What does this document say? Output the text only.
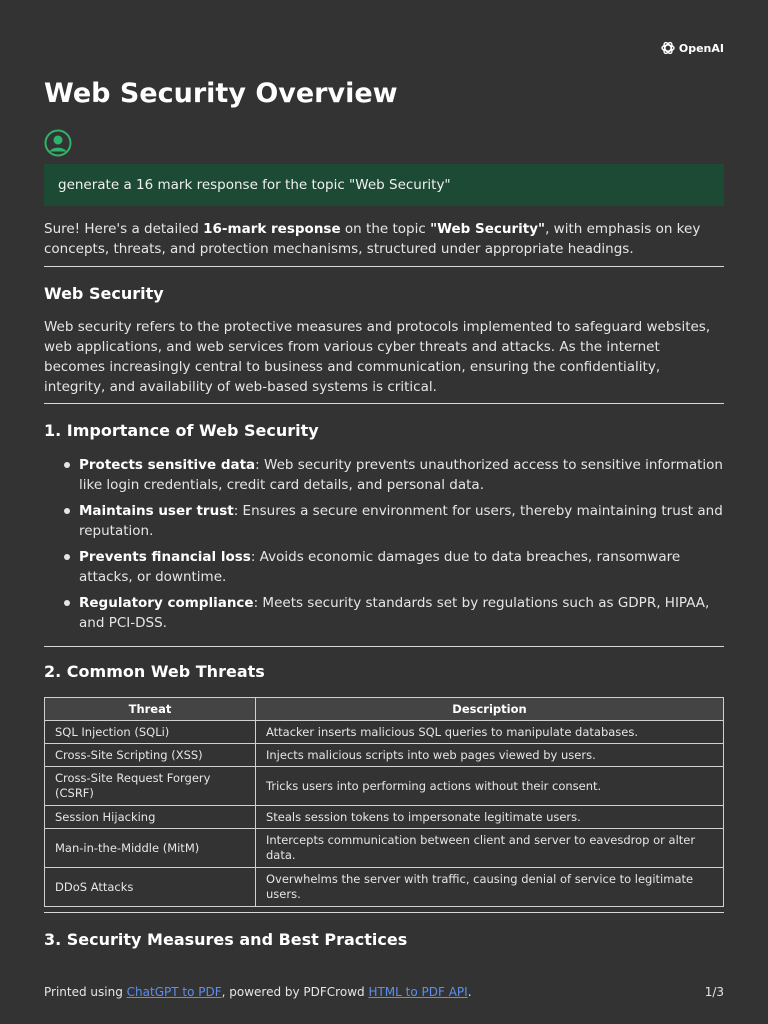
OpenAI
Web Security Overview
generate a 16 mark response for the topic "Web Security"

Sure! Here's a detailed 16-mark response on the topic "Web Security", with emphasis on key concepts, threats, and protection mechanisms, structured under appropriate headings.

Web Security

Web security refers to the protective measures and protocols implemented to safeguard websites, web applications, and web services from various cyber threats and attacks. As the internet becomes increasingly central to business and communication, ensuring the confidentiality, integrity, and availability of web-based systems is critical.

1. Importance of Web Security
Protects sensitive data: Web security prevents unauthorized access to sensitive information like login credentials, credit card details, and personal data.
Maintains user trust: Ensures a secure environment for users, thereby maintaining trust and reputation.
Prevents financial loss: Avoids economic damages due to data breaches, ransomware attacks, or downtime.
Regulatory compliance: Meets security standards set by regulations such as GDPR, HIPAA, and PCI-DSS.
2. Common Web Threats
Threat	Description
SQL Injection (SQLi)	Attacker inserts malicious SQL queries to manipulate databases.
Cross-Site Scripting (XSS)	Injects malicious scripts into web pages viewed by users.
Cross-Site Request Forgery (CSRF)	Tricks users into performing actions without their consent.
Session Hijacking	Steals session tokens to impersonate legitimate users.
Man-in-the-Middle (MitM)	Intercepts communication between client and server to eavesdrop or alter data.
DDoS Attacks	Overwhelms the server with traffic, causing denial of service to legitimate users.
3. Security Measures and Best Practices
Printed using ChatGPT to PDF, powered by PDFCrowd HTML to PDF API.	1/3
